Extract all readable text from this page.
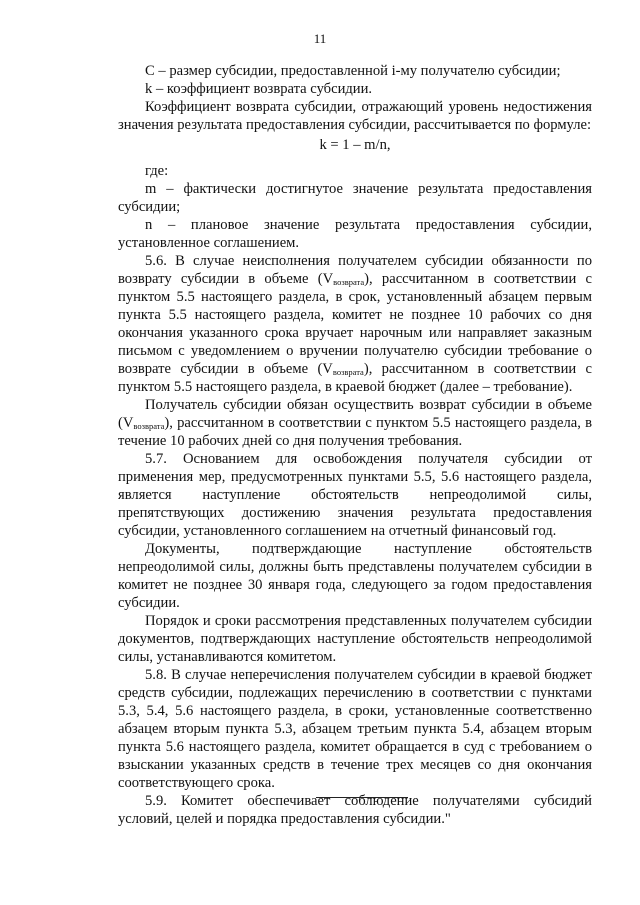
11

C – размер субсидии, предоставленной i-му получателю субсидии;

k – коэффициент возврата субсидии.

Коэффициент возврата субсидии, отражающий уровень недостижения значения результата предоставления субсидии, рассчитывается по формуле:

k = 1 – m/n,

где:

m – фактически достигнутое значение результата предоставления субсидии;

n – плановое значение результата предоставления субсидии, установленное соглашением.

5.6. В случае неисполнения получателем субсидии обязанности по возврату субсидии в объеме $(V_{возврата})$, рассчитанном в соответствии с пунктом 5.5 настоящего раздела, в срок, установленный абзацем первым пункта 5.5 настоящего раздела, комитет не позднее 10 рабочих со дня окончания указанного срока вручает нарочным или направляет заказным письмом с уведомлением о вручении получателю субсидии требование о возврате субсидии в объеме $(V_{возврата})$, рассчитанном в соответствии с пунктом 5.5 настоящего раздела, в краевой бюджет (далее – требование).

Получатель субсидии обязан осуществить возврат субсидии в объеме $(V_{возврата})$, рассчитанном в соответствии с пунктом 5.5 настоящего раздела, в течение 10 рабочих дней со дня получения требования.

5.7. Основанием для освобождения получателя субсидии от применения мер, предусмотренных пунктами 5.5, 5.6 настоящего раздела, является наступление обстоятельств непреодолимой силы, препятствующих достижению значения результата предоставления субсидии, установленного соглашением на отчетный финансовый год.

Документы, подтверждающие наступление обстоятельств непреодолимой силы, должны быть представлены получателем субсидии в комитет не позднее 30 января года, следующего за годом предоставления субсидии.

Порядок и сроки рассмотрения представленных получателем субсидии документов, подтверждающих наступление обстоятельств непреодолимой силы, устанавливаются комитетом.

5.8. В случае неперечисления получателем субсидии в краевой бюджет средств субсидии, подлежащих перечислению в соответствии с пунктами 5.3, 5.4, 5.6 настоящего раздела, в сроки, установленные соответственно абзацем вторым пункта 5.3, абзацем третьим пункта 5.4, абзацем вторым пункта 5.6 настоящего раздела, комитет обращается в суд с требованием о взыскании указанных средств в течение трех месяцев со дня окончания соответствующего срока.

5.9. Комитет обеспечивает соблюдение получателями субсидий условий, целей и порядка предоставления субсидии."
